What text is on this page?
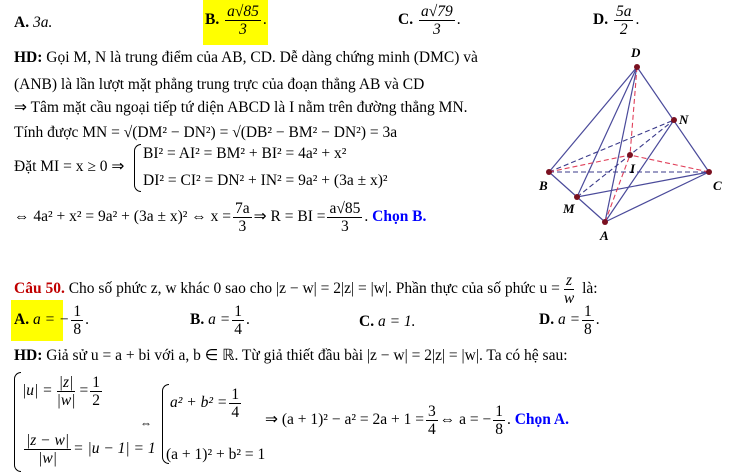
A. 3a.	B. $\frac{a√85}{3}$ .	C. $\frac{a√79}{3}$ .	D. $\frac{5a}{2}$ .
HD: Gọi M, N là trung điểm của AB, CD. Dễ dàng chứng minh (DMC) và
(ANB) là lần lượt mặt phẳng trung trực của đoạn thẳng AB và CD
⇒ Tâm mặt cầu ngoại tiếp tứ diện ABCD là I nằm trên đường thẳng MN.
Tính được MN = √(DM² − DN²) = √(DB² − BM² − DN²) = 3a
Đặt MI = x ≥ 0 ⇒
BI² = AI² = BM² + BI² = 4a² + x²
DI² = CI² = DN² + IN² = 9a² + (3a ± x)²
⇔ 4a² + x² = 9a² + (3a ± x)² ⇔ $x = \frac{7a}{3}$ ⇒ R = BI = $\frac{a√85}{3}$ . Chọn B.
D
N
I
B	C
M
A
Câu 50. Cho số phức z, w khác 0 sao cho |z − w| = 2|z| = |w|. Phần thực của số phức $u = \frac{z}{w}$ là:
A. a = − $\frac{1}{8}$ .	B. $a = \frac{1}{4}$ .	C. a = 1.	D. $a = \frac{1}{8}$ .
HD: Giả sử u = a + bi với a, b ∈ ℝ. Từ giả thiết đầu bài |z − w| = 2|z| = |w|. Ta có hệ sau:
$|u| = \frac{|z|}{|w|} = \frac{1}{2}$
$\frac{|z - w|}{|w|} = |u - 1| = 1$
⇔
$a^2 + b^2 = \frac{1}{4}$
(a + 1)² + b² = 1
⇒ $(a + 1)^2 - a^2 = 2a + 1 = \frac{3}{4}$ ⇔ a = − $\frac{1}{8}$ . Chọn A.
